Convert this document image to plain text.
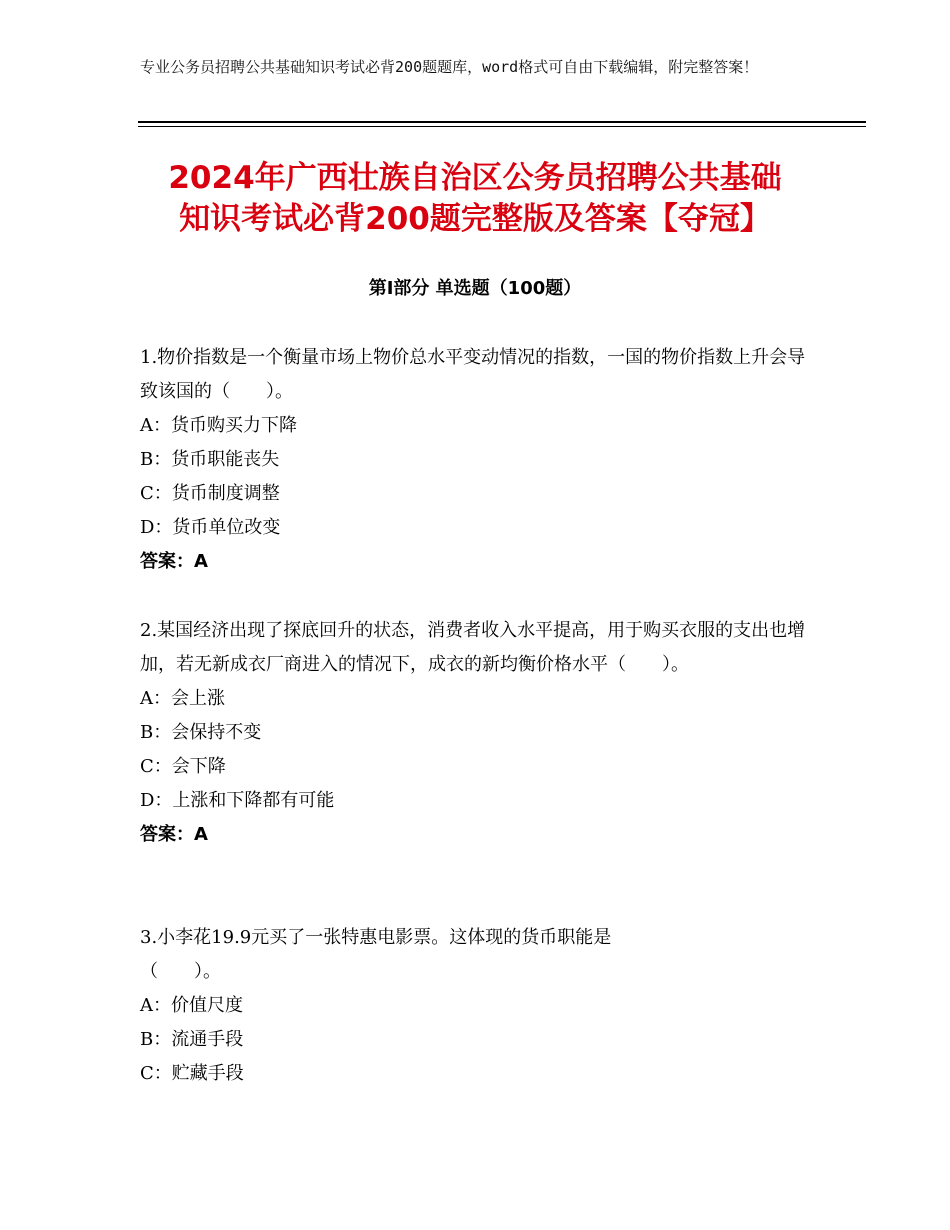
专业公务员招聘公共基础知识考试必背200题题库，word格式可自由下载编辑，附完整答案！
2024年广西壮族自治区公务员招聘公共基础
知识考试必背200题完整版及答案【夺冠】
第Ⅰ部分 单选题（100题）
1.物价指数是一个衡量市场上物价总水平变动情况的指数，一国的物价指数上升会导致该国的（　　）。
A：货币购买力下降
B：货币职能丧失
C：货币制度调整
D：货币单位改变
答案：A
2.某国经济出现了探底回升的状态，消费者收入水平提高，用于购买衣服的支出也增加，若无新成衣厂商进入的情况下，成衣的新均衡价格水平（　　）。
A：会上涨
B：会保持不变
C：会下降
D：上涨和下降都有可能
答案：A
3.小李花19.9元买了一张特惠电影票。这体现的货币职能是
（　　）。
A：价值尺度
B：流通手段
C：贮藏手段
